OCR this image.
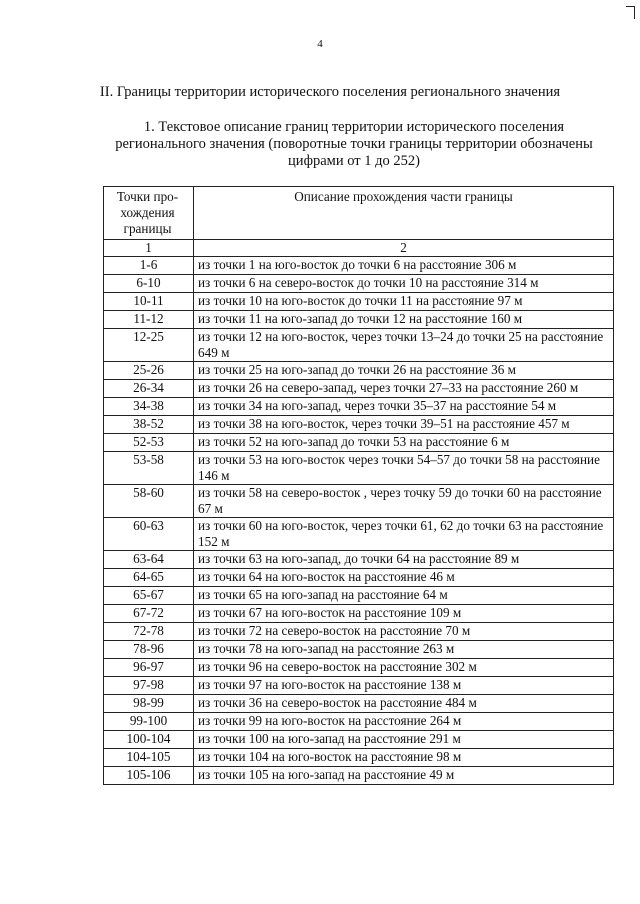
4
II. Границы территории исторического поселения регионального значения
1. Текстовое описание границ территории исторического поселения
регионального значения (поворотные точки границы территории обозначены
цифрами от 1 до 252)
Точки про-
хождения
границы	Описание прохождения части границы
1	2
1-6	из точки 1 на юго-восток до точки 6 на расстояние 306 м
6-10	из точки 6 на северо-восток до точки 10 на расстояние 314 м
10-11	из точки 10 на юго-восток до точки 11 на расстояние 97 м
11-12	из точки 11 на юго-запад до точки 12 на расстояние 160 м
12-25	из точки 12 на юго-восток, через точки 13–24 до точки 25 на расстояние 649 м
25-26	из точки 25 на юго-запад до точки 26 на расстояние 36 м
26-34	из точки 26 на северо-запад, через точки 27–33 на расстояние 260 м
34-38	из точки 34 на юго-запад, через точки 35–37 на расстояние 54 м
38-52	из точки 38 на юго-восток, через точки 39–51 на расстояние 457 м
52-53	из точки 52 на юго-запад до точки 53 на расстояние 6 м
53-58	из точки 53 на юго-восток через точки 54–57 до точки 58 на расстояние 146 м
58-60	из точки 58 на северо-восток , через точку 59 до точки 60 на расстояние 67 м
60-63	из точки 60 на юго-восток, через точки 61, 62 до точки 63 на расстояние 152 м
63-64	из точки 63 на юго-запад, до точки 64 на расстояние 89 м
64-65	из точки 64 на юго-восток на расстояние 46 м
65-67	из точки 65 на юго-запад на расстояние 64 м
67-72	из точки 67 на юго-восток на расстояние 109 м
72-78	из точки 72 на северо-восток на расстояние 70 м
78-96	из точки 78 на юго-запад на расстояние 263 м
96-97	из точки 96 на северо-восток на расстояние 302 м
97-98	из точки 97 на юго-восток на расстояние 138 м
98-99	из точки 36 на северо-восток на расстояние 484 м
99-100	из точки 99 на юго-восток на расстояние 264 м
100-104	из точки 100 на юго-запад на расстояние 291 м
104-105	из точки 104 на юго-восток на расстояние 98 м
105-106	из точки 105 на юго-запад на расстояние 49 м
